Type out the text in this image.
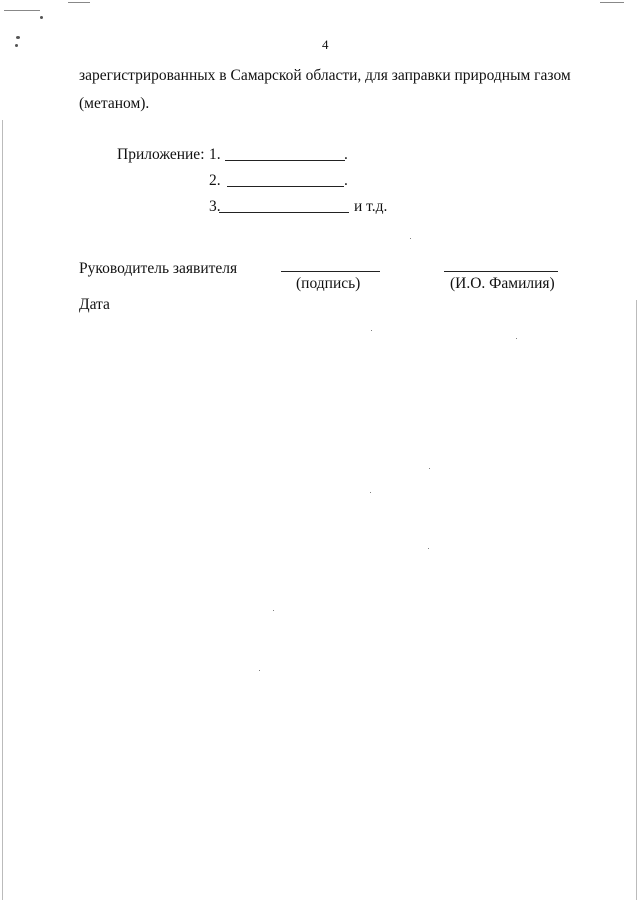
4
зарегистрированных в Самарской области, для заправки природным газом
(метаном).
Приложение: 1.	.
2.	.
3.	и т.д.
Руководитель заявителя
(подпись)	(И.О. Фамилия)
Дата
